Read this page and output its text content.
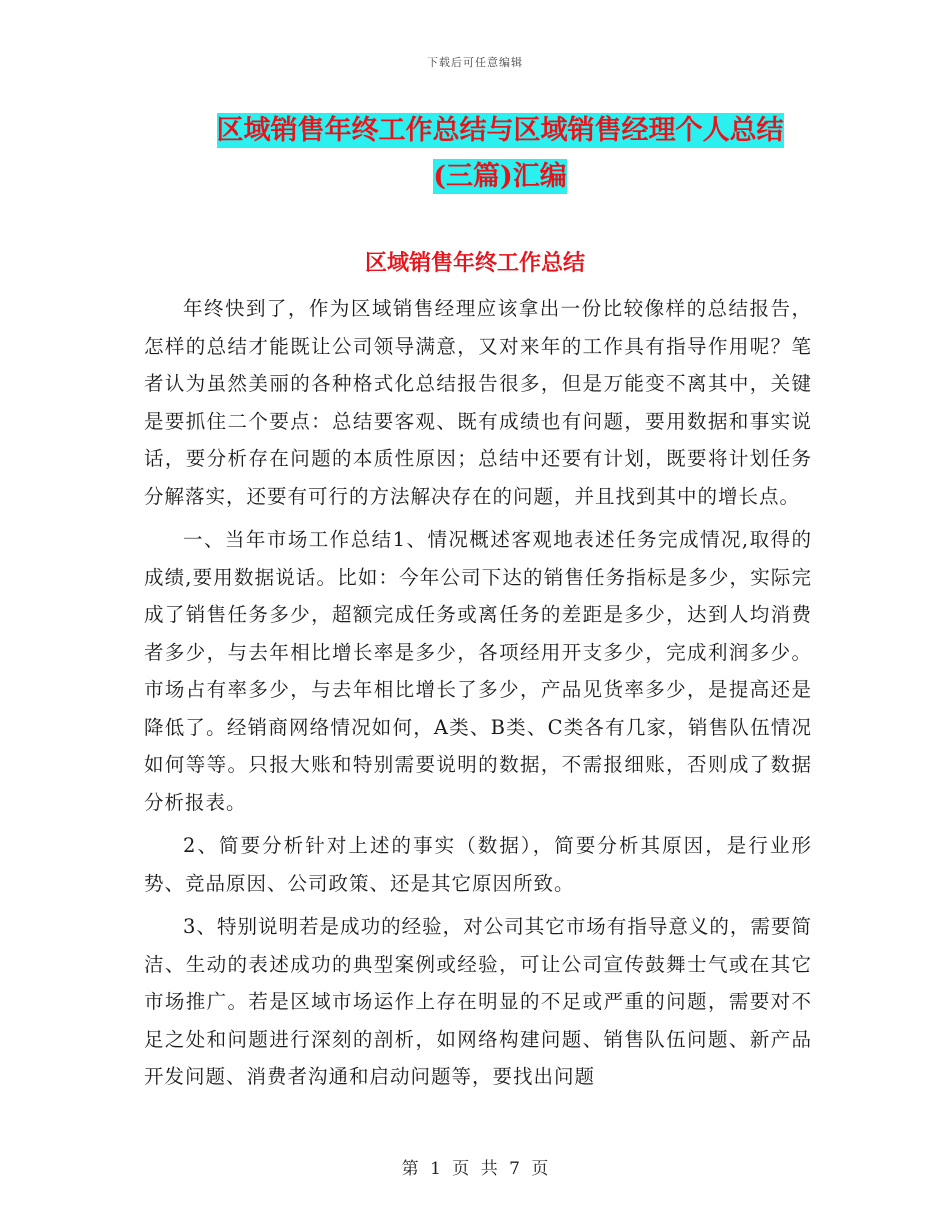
下载后可任意编辑
区域销售年终工作总结与区域销售经理个人总结(三篇)汇编
区域销售年终工作总结

年终快到了，作为区域销售经理应该拿出一份比较像样的总结报告，怎样的总结才能既让公司领导满意，又对来年的工作具有指导作用呢？笔者认为虽然美丽的各种格式化总结报告很多，但是万能变不离其中，关键是要抓住二个要点：总结要客观、既有成绩也有问题，要用数据和事实说话，要分析存在问题的本质性原因；总结中还要有计划，既要将计划任务分解落实，还要有可行的方法解决存在的问题，并且找到其中的增长点。

一、当年市场工作总结1、情况概述客观地表述任务完成情况,取得的成绩,要用数据说话。比如：今年公司下达的销售任务指标是多少，实际完成了销售任务多少，超额完成任务或离任务的差距是多少，达到人均消费者多少，与去年相比增长率是多少，各项经用开支多少，完成利润多少。市场占有率多少，与去年相比增长了多少，产品见货率多少，是提高还是降低了。经销商网络情况如何，A类、B类、C类各有几家，销售队伍情况如何等等。只报大账和特别需要说明的数据，不需报细账，否则成了数据分析报表。

2、简要分析针对上述的事实（数据），简要分析其原因，是行业形势、竞品原因、公司政策、还是其它原因所致。

3、特别说明若是成功的经验，对公司其它市场有指导意义的，需要简洁、生动的表述成功的典型案例或经验，可让公司宣传鼓舞士气或在其它市场推广。若是区域市场运作上存在明显的不足或严重的问题，需要对不足之处和问题进行深刻的剖析，如网络构建问题、销售队伍问题、新产品开发问题、消费者沟通和启动问题等，要找出问题

第 1 页 共 7 页
